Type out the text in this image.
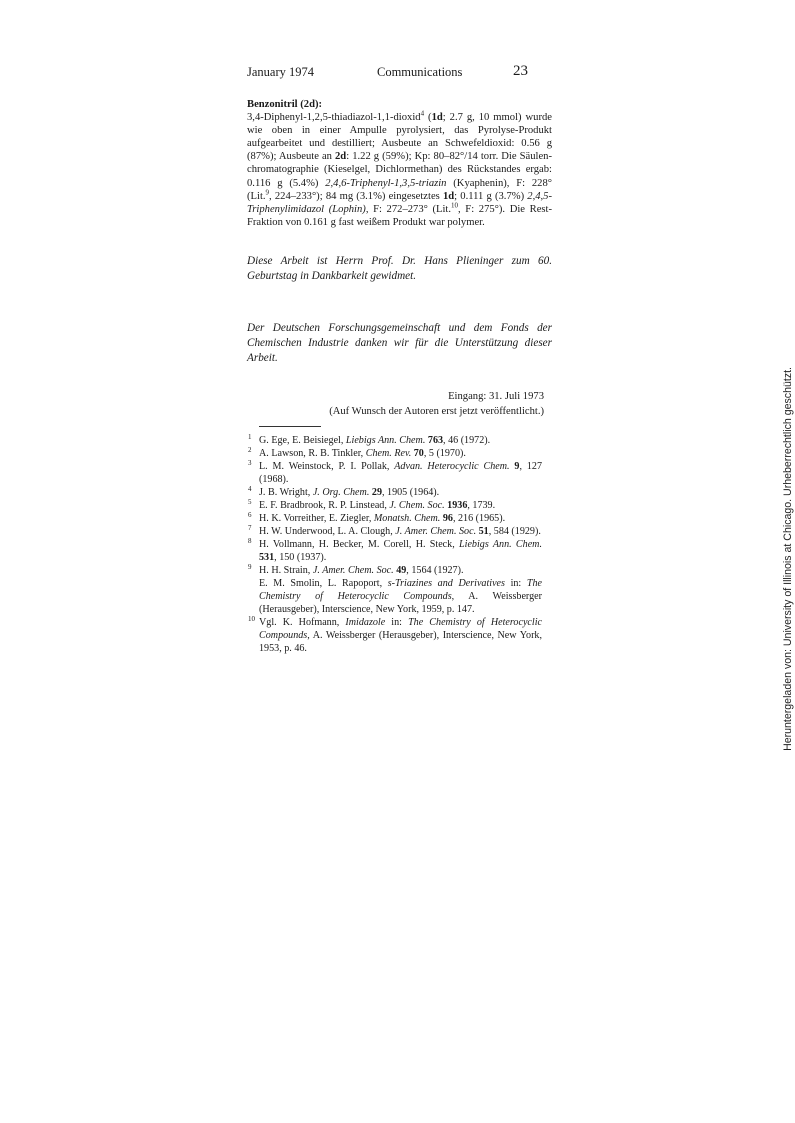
January 1974	Communications	23

Benzonitril (2d):

3,4-Diphenyl-1,2,5-thiadiazol-1,1-dioxid$^4$ (1d; 2.7 g, 10 mmol) wurde wie oben in einer Ampulle pyrolysiert, das Pyrolyse-Produkt aufgearbeitet und destilliert; Ausbeute an Schwefeldioxid: 0.56 g (87%); Ausbeute an 2d: 1.22 g (59%); Kp: 80–82°/14 torr. Die Säulen-chromatographie (Kieselgel, Dichlormethan) des Rückstandes ergab: 0.116 g (5.4%) 2,4,6-Triphenyl-1,3,5-triazin (Kyaphenin), F: 228° (Lit.$^9$, 224–233°); 84 mg (3.1%) eingesetztes 1d; 0.111 g (3.7%) 2,4,5-Triphenylimidazol (Lophin), F: 272–273° (Lit.$^{10}$, F: 275°). Die Rest-Fraktion von 0.161 g fast weißem Produkt war polymer.

Diese Arbeit ist Herrn Prof. Dr. Hans Plieninger zum 60. Geburtstag in Dankbarkeit gewidmet.
Der Deutschen Forschungsgemeinschaft und dem Fonds der Chemischen Industrie danken wir für die Unterstützung dieser Arbeit.
Eingang: 31. Juli 1973
(Auf Wunsch der Autoren erst jetzt veröffentlicht.)
1 G. Ege, E. Beisiegel, Liebigs Ann. Chem. 763, 46 (1972).
2 A. Lawson, R. B. Tinkler, Chem. Rev. 70, 5 (1970).
3 L. M. Weinstock, P. I. Pollak, Advan. Heterocyclic Chem. 9, 127 (1968).
4 J. B. Wright, J. Org. Chem. 29, 1905 (1964).
5 E. F. Bradbrook, R. P. Linstead, J. Chem. Soc. 1936, 1739.
6 H. K. Vorreither, E. Ziegler, Monatsh. Chem. 96, 216 (1965).
7 H. W. Underwood, L. A. Clough, J. Amer. Chem. Soc. 51, 584 (1929).
8 H. Vollmann, H. Becker, M. Corell, H. Steck, Liebigs Ann. Chem. 531, 150 (1937).
9 H. H. Strain, J. Amer. Chem. Soc. 49, 1564 (1927).
E. M. Smolin, L. Rapoport, s-Triazines and Derivatives in: The Chemistry of Heterocyclic Compounds, A. Weissberger (Herausgeber), Interscience, New York, 1959, p. 147.
10 Vgl. K. Hofmann, Imidazole in: The Chemistry of Heterocyclic Compounds, A. Weissberger (Herausgeber), Interscience, New York, 1953, p. 46.	Heruntergeladen von: University of Illinois at Chicago. Urheberrechtlich geschützt.
